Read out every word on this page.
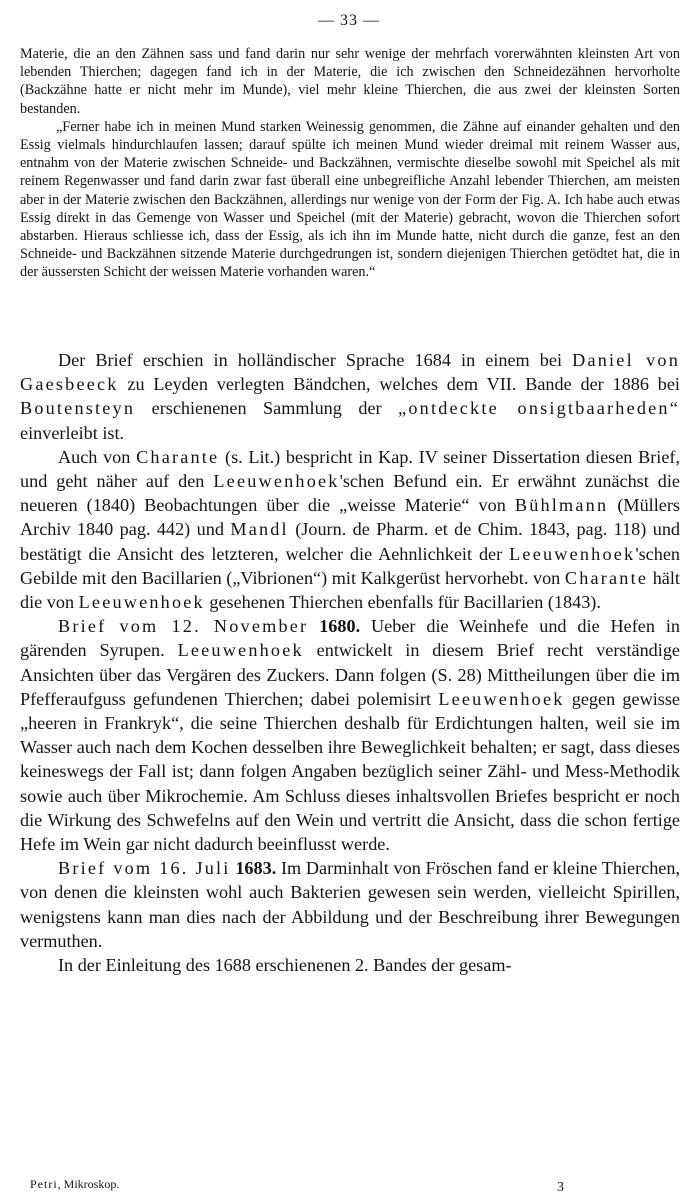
— 33 —

Materie, die an den Zähnen sass und fand darin nur sehr wenige der mehrfach vorerwähnten kleinsten Art von lebenden Thierchen; dagegen fand ich in der Materie, die ich zwischen den Schneidezähnen hervorholte (Backzähne hatte er nicht mehr im Munde), viel mehr kleine Thierchen, die aus zwei der kleinsten Sorten bestanden.

„Ferner habe ich in meinen Mund starken Weinessig genommen, die Zähne auf einander gehalten und den Essig vielmals hindurchlaufen lassen; darauf spülte ich meinen Mund wieder dreimal mit reinem Wasser aus, entnahm von der Materie zwischen Schneide- und Backzähnen, vermischte dieselbe sowohl mit Speichel als mit reinem Regenwasser und fand darin zwar fast überall eine unbegreifliche Anzahl lebender Thierchen, am meisten aber in der Materie zwischen den Backzähnen, allerdings nur wenige von der Form der Fig. A. Ich habe auch etwas Essig direkt in das Gemenge von Wasser und Speichel (mit der Materie) gebracht, wovon die Thierchen sofort abstarben. Hieraus schliesse ich, dass der Essig, als ich ihn im Munde hatte, nicht durch die ganze, fest an den Schneide- und Backzähnen sitzende Materie durchgedrungen ist, sondern diejenigen Thierchen getödtet hat, die in der äussersten Schicht der weissen Materie vorhanden waren.“

Der Brief erschien in holländischer Sprache 1684 in einem bei Daniel von Gaesbeeck zu Leyden verlegten Bändchen, welches dem VII. Bande der 1886 bei Boutensteyn erschienenen Sammlung der „ontdeckte onsigtbaarheden“ einverleibt ist.

Auch von Charante (s. Lit.) bespricht in Kap. IV seiner Dissertation diesen Brief, und geht näher auf den Leeuwenhoek'schen Befund ein. Er erwähnt zunächst die neueren (1840) Beobachtungen über die „weisse Materie“ von Bühlmann (Müllers Archiv 1840 pag. 442) und Mandl (Journ. de Pharm. et de Chim. 1843, pag. 118) und bestätigt die Ansicht des letzteren, welcher die Aehnlichkeit der Leeuwenhoek'schen Gebilde mit den Bacillarien („Vibrionen“) mit Kalkgerüst hervorhebt. von Charante hält die von Leeuwenhoek gesehenen Thierchen ebenfalls für Bacillarien (1843).

Brief vom 12. November 1680. Ueber die Weinhefe und die Hefen in gärenden Syrupen. Leeuwenhoek entwickelt in diesem Brief recht verständige Ansichten über das Vergären des Zuckers. Dann folgen (S. 28) Mittheilungen über die im Pfefferaufguss gefundenen Thierchen; dabei polemisirt Leeuwenhoek gegen gewisse „heeren in Frankryk“, die seine Thierchen deshalb für Erdichtungen halten, weil sie im Wasser auch nach dem Kochen desselben ihre Beweglichkeit behalten; er sagt, dass dieses keineswegs der Fall ist; dann folgen Angaben bezüglich seiner Zähl- und Mess-Methodik sowie auch über Mikrochemie. Am Schluss dieses inhaltsvollen Briefes bespricht er noch die Wirkung des Schwefelns auf den Wein und vertritt die Ansicht, dass die schon fertige Hefe im Wein gar nicht dadurch beeinflusst werde.

Brief vom 16. Juli 1683. Im Darminhalt von Fröschen fand er kleine Thierchen, von denen die kleinsten wohl auch Bakterien gewesen sein werden, vielleicht Spirillen, wenigstens kann man dies nach der Abbildung und der Beschreibung ihrer Bewegungen vermuthen.

In der Einleitung des 1688 erschienenen 2. Bandes der gesam-

Petri, Mikroskop.	3
